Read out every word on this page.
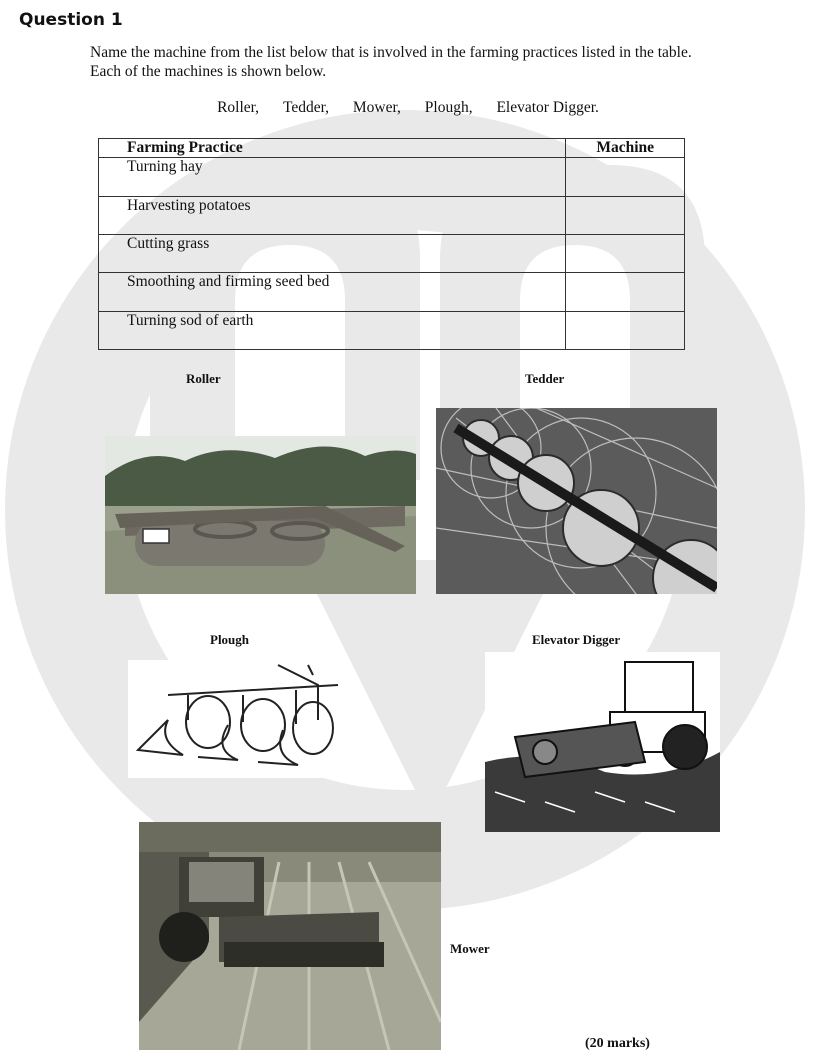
Question 1
Name the machine from the list below that is involved in the farming practices listed in the table.
Each of the machines is shown below.
Roller, Tedder, Mower, Plough, Elevator Digger.
Farming Practice	Machine
Turning hay	
Harvesting potatoes	
Cutting grass	
Smoothing and firming seed bed	
Turning sod of earth	
Roller	Tedder
Plough	Elevator Digger
Mower
(20 marks)
